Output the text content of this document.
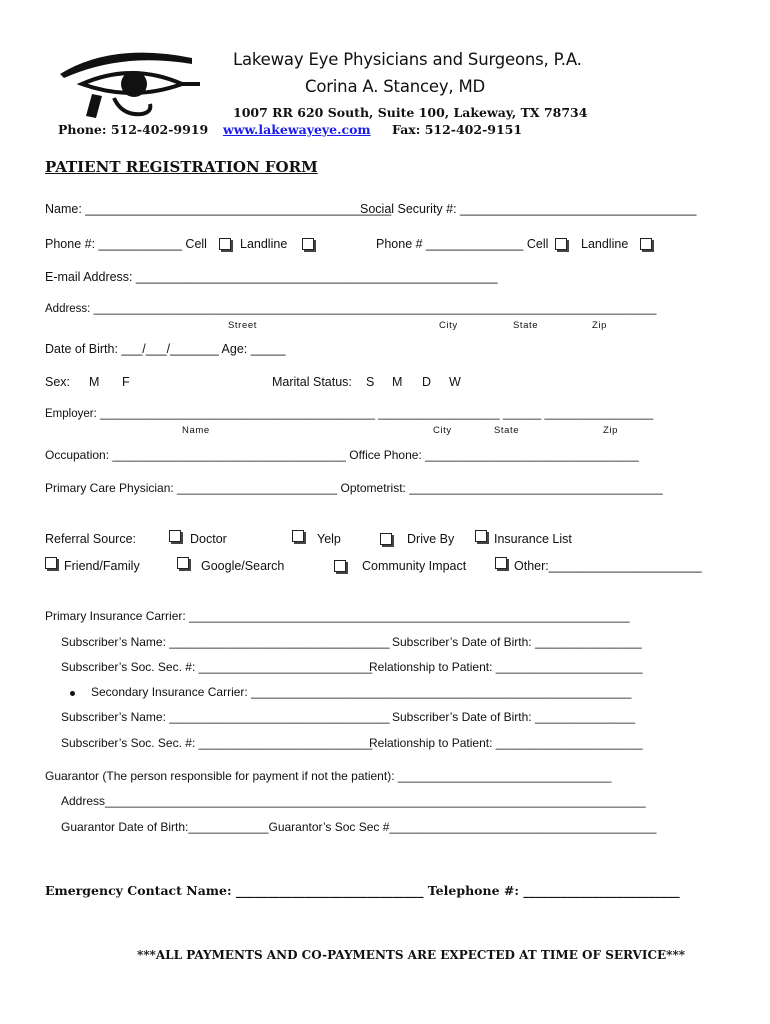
Lakeway Eye Physicians and Surgeons, P.A.
Corina A. Stancey, MD
1007 RR 620 South, Suite 100, Lakeway, TX 78734
Phone: 512-402-9919 www.lakewayeye.com Fax: 512-402-9151
PATIENT REGISTRATION FORM
Name: ____________________________________________
Social Security #: __________________________________
Phone #: ____________ Cell	Landline	Phone # ______________ Cell	Landline
E-mail Address: ____________________________________________________
Address: ________________________________________________________________________________________
Street	City	State	Zip
Date of Birth: ___/___/_______ Age: _____
Sex: M F	Marital Status: S M D W
Employer: ___________________________________________ ___________________ ______ _________________
Name	City	State	Zip
Occupation: ___________________________________ Office Phone: ________________________________
Primary Care Physician: ________________________ Optometrist: ______________________________________
Referral Source:	Doctor	Yelp	Drive By	Insurance List
Friend/Family	Google/Search	Community Impact	Other:______________________
Primary Insurance Carrier: __________________________________________________________________
Subscriber’s Name: _________________________________ Subscriber’s Date of Birth: ________________
Subscriber’s Soc. Sec. #: __________________________
Relationship to Patient: ______________________
Secondary Insurance Carrier: _________________________________________________________
Subscriber’s Name: _________________________________ Subscriber’s Date of Birth: _______________
Subscriber’s Soc. Sec. #: __________________________
Relationship to Patient: ______________________
Guarantor (The person responsible for payment if not the patient): ________________________________
Address_________________________________________________________________________________
Guarantor Date of Birth:____________Guarantor’s Soc Sec #________________________________________
Emergency Contact Name: ______________________________ Telephone #: _________________________
***ALL PAYMENTS AND CO-PAYMENTS ARE EXPECTED AT TIME OF SERVICE***
